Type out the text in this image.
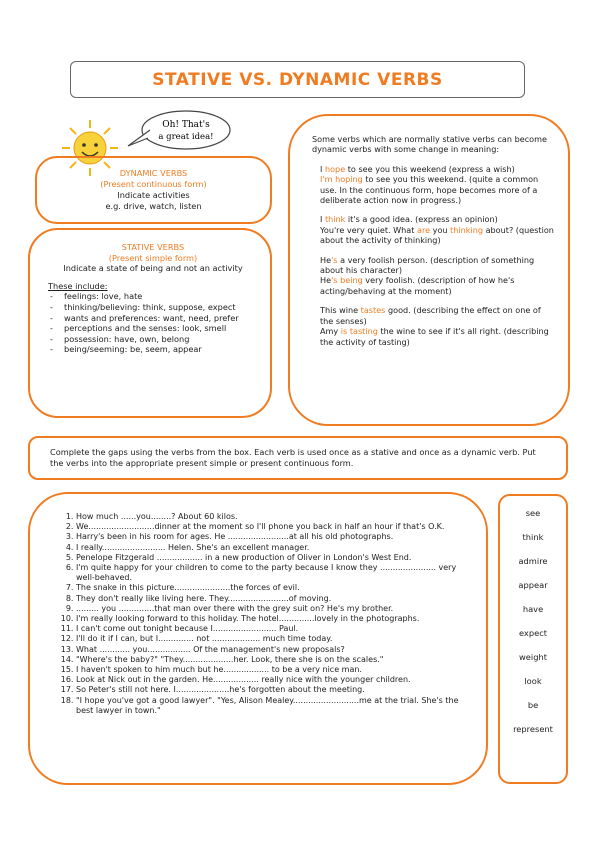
STATIVE VS. DYNAMIC VERBS
Oh! That's
a great idea!
DYNAMIC VERBS
(Present continuous form)
Indicate activities
e.g. drive, watch, listen
STATIVE VERBS
(Present simple form)
Indicate a state of being and not an activity
These include:
- feelings: love, hate
- thinking/believing: think, suppose, expect
- wants and preferences: want, need, prefer
- perceptions and the senses: look, smell
- possession: have, own, belong
- being/seeming: be, seem, appear

Some verbs which are normally stative verbs can become dynamic verbs with some change in meaning:

I hope to see you this weekend (express a wish)

I'm hoping to see you this weekend. (quite a common use. In the continuous form, hope becomes more of a deliberate action now in progress.)

I think it's a good idea. (express an opinion)

You're very quiet. What are you thinking about? (question about the activity of thinking)

He's a very foolish person. (description of something about his character)

He's being very foolish. (description of how he's acting/behaving at the moment)

This wine tastes good. (describing the effect on one of the senses)

Amy is tasting the wine to see if it's all right. (describing the activity of tasting)

Complete the gaps using the verbs from the box. Each verb is used once as a stative and once as a dynamic verb. Put the verbs into the appropriate present simple or present continuous form.
1. How much ......you........? About 60 kilos.
2. We..........................dinner at the moment so I'll phone you back in half an hour if that's O.K.
3. Harry's been in his room for ages. He ........................at all his old photographs.
4. I really......................... Helen. She's an excellent manager.
5. Penelope Fitzgerald .................. in a new production of Oliver in London's West End.
6. I'm quite happy for your children to come to the party because I know they ...................... very well-behaved.
7. The snake in this picture......................the forces of evil.
8. They don't really like living here. They........................of moving.
9. ......... you ..............that man over there with the grey suit on? He's my brother.
10. I'm really looking forward to this holiday. The hotel..............lovely in the photographs.
11. I can't come out tonight because I......................... Paul.
12. I'll do it if I can, but I.............. not ................... much time today.
13. What ............ you................. Of the management's new proposals?
14. "Where's the baby?" "They....................her. Look, there she is on the scales."
15. I haven't spoken to him much but he.................. to be a very nice man.
16. Look at Nick out in the garden. He.................. really nice with the younger children.
17. So Peter's still not here. I.....................he's forgotten about the meeting.
18. "I hope you've got a good lawyer". "Yes, Alison Mealey..........................me at the trial. She's the best lawyer in town."
see
think
admire
appear
have
expect
weight
look
be
represent
